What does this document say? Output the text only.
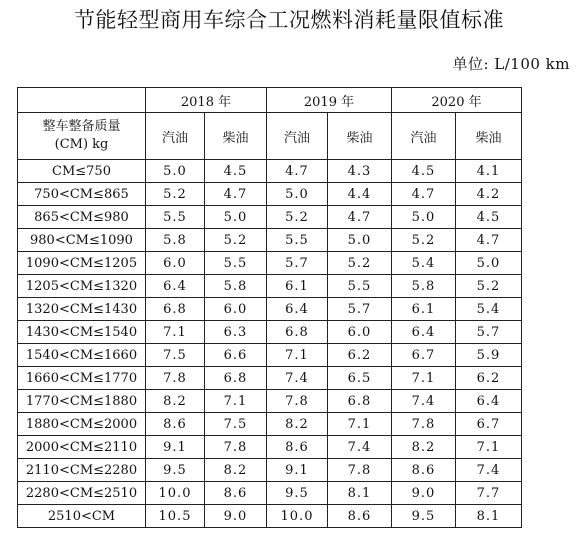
节能轻型商用车综合工况燃料消耗量限值标准
单位: L/100 km
	2018 年		2019 年		2020 年	

整车整备质量
(CM) kg	汽油	柴油	汽油	柴油	汽油	柴油
CM≤750	5.0	4.5	4.7	4.3	4.5	4.1
750<CM≤865	5.2	4.7	5.0	4.4	4.7	4.2
865<CM≤980	5.5	5.0	5.2	4.7	5.0	4.5
980<CM≤1090	5.8	5.2	5.5	5.0	5.2	4.7
1090<CM≤1205	6.0	5.5	5.7	5.2	5.4	5.0
1205<CM≤1320	6.4	5.8	6.1	5.5	5.8	5.2
1320<CM≤1430	6.8	6.0	6.4	5.7	6.1	5.4
1430<CM≤1540	7.1	6.3	6.8	6.0	6.4	5.7
1540<CM≤1660	7.5	6.6	7.1	6.2	6.7	5.9
1660<CM≤1770	7.8	6.8	7.4	6.5	7.1	6.2
1770<CM≤1880	8.2	7.1	7.8	6.8	7.4	6.4
1880<CM≤2000	8.6	7.5	8.2	7.1	7.8	6.7
2000<CM≤2110	9.1	7.8	8.6	7.4	8.2	7.1
2110<CM≤2280	9.5	8.2	9.1	7.8	8.6	7.4
2280<CM≤2510	10.0	8.6	9.5	8.1	9.0	7.7
2510<CM	10.5	9.0	10.0	8.6	9.5	8.1
